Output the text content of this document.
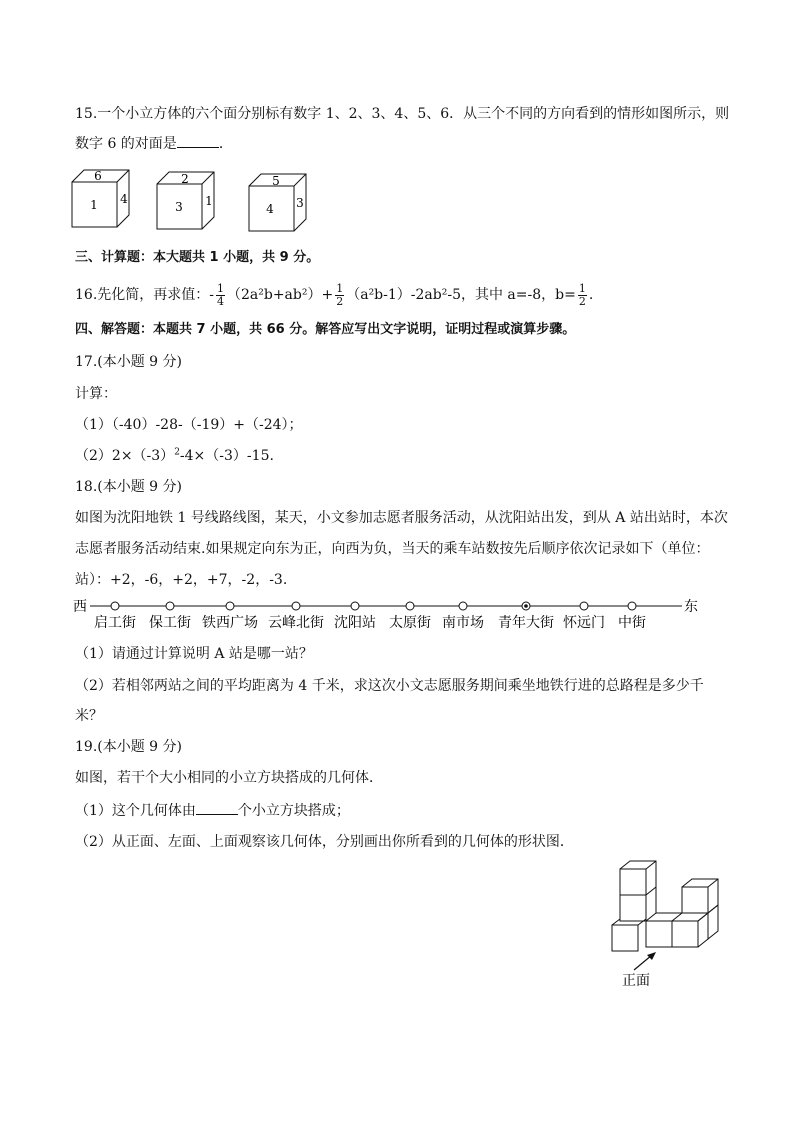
15.一个小立方体的六个面分别标有数字 1、2、3、4、5、6．从三个不同的方向看到的情形如图所示，则
数字 6 的对面是	．
6
1 4
2
3 1
5
4 3
三、计算题：本大题共 1 小题，共 9 分。
16.先化简，再求值：- $\frac{1}{4} (2a^2b+ab^2)+ \frac{1}{2} (a^2b-1)-2ab^2-5$，其中 a=-8，$b= \frac{1}{2}$ .
四、解答题：本题共 7 小题，共 66 分。解答应写出文字说明，证明过程或演算步骤。
17.(本小题 9 分)
计算：
（1）（-40）-28-（-19）+（-24）；
$(2)2\times(-3)^2-4\times(-3)-15$.
18.(本小题 9 分)
如图为沈阳地铁 1 号线路线图，某天，小文参加志愿者服务活动，从沈阳站出发，到从 A 站出站时，本次
志愿者服务活动结束.如果规定向东为正，向西为负，当天的乘车站数按先后顺序依次记录如下（单位：
站）：+2，-6，+2，+7，-2，-3.
西	东
启工街 保工街 铁西广场 云峰北街 沈阳站 太原街 南市场 青年大街 怀远门 中街
（1）请通过计算说明 A 站是哪一站？
（2）若相邻两站之间的平均距离为 4 千米，求这次小文志愿服务期间乘坐地铁行进的总路程是多少千
米？
19.(本小题 9 分)
如图，若干个大小相同的小立方块搭成的几何体．
（1）这个几何体由	个小立方块搭成；
（2）从正面、左面、上面观察该几何体，分别画出你所看到的几何体的形状图．
正面
